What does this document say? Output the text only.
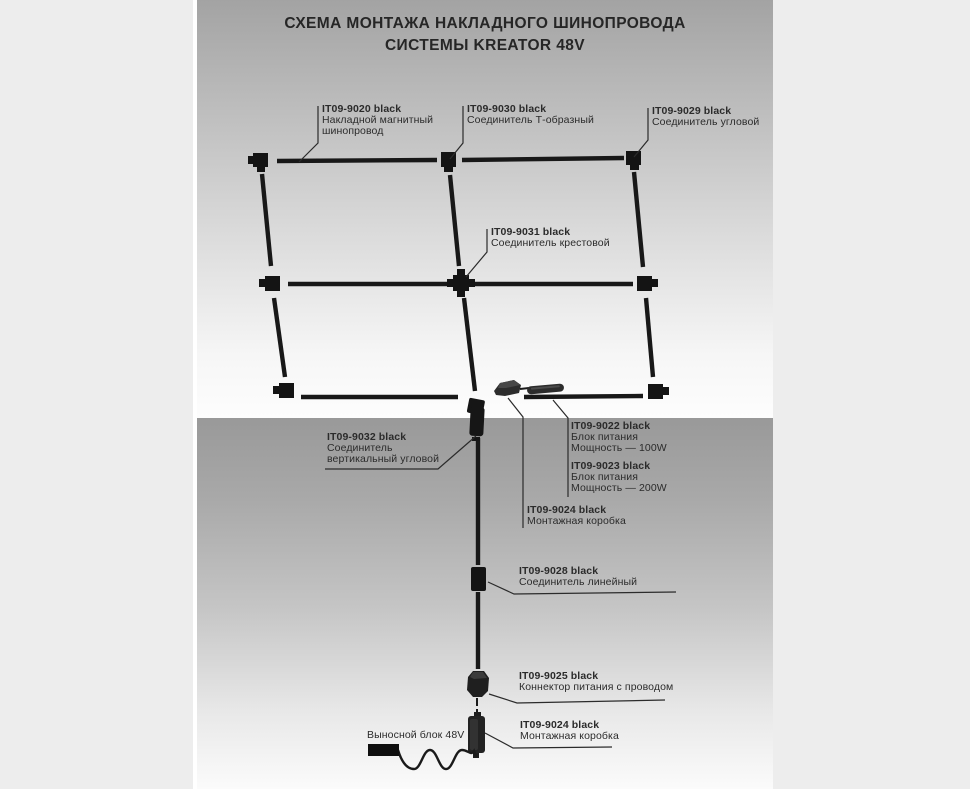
СХЕМА МОНТАЖА НАКЛАДНОГО ШИНОПРОВОДА
СИСТЕМЫ KREATOR 48V
IT09-9020 black
Накладной магнитный
шинопровод
IT09-9030 black
Соединитель Т-образный
IT09-9029 black
Соединитель угловой
IT09-9031 black
Соединитель крестовой
IT09-9032 black
Соединитель
вертикальный угловой
IT09-9022 black
Блок питания
Мощность — 100W
IT09-9023 black
Блок питания
Мощность — 200W
IT09-9024 black
Монтажная коробка
IT09-9028 black
Соединитель линейный
IT09-9025 black
Коннектор питания с проводом
IT09-9024 black
Монтажная коробка
Выносной блок 48V
